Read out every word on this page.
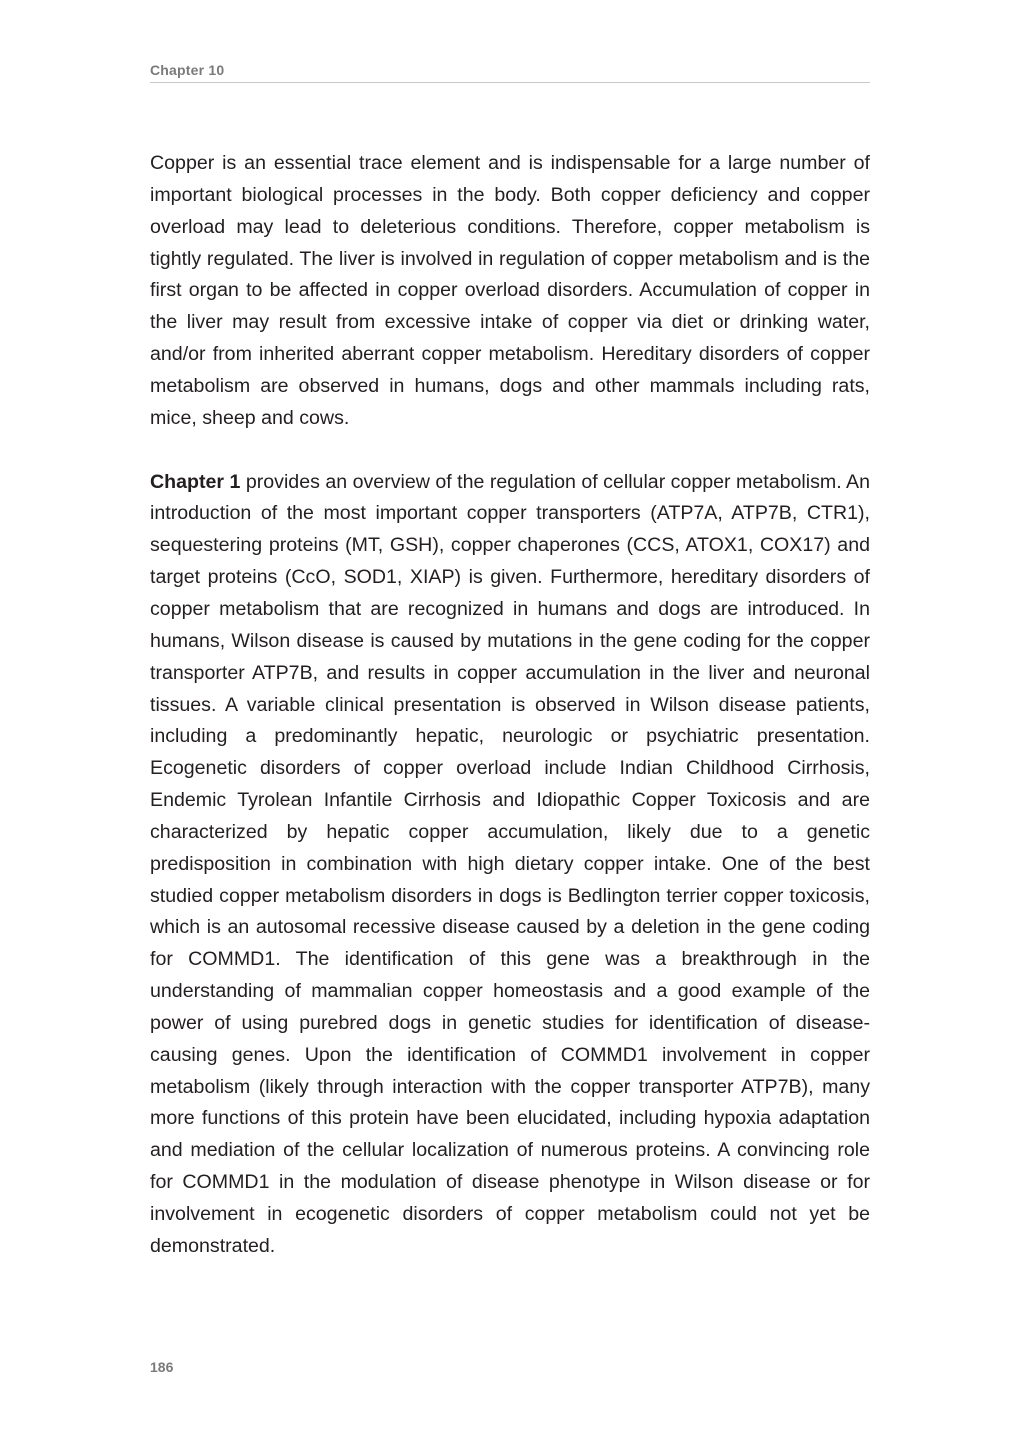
Chapter 10

Copper is an essential trace element and is indispensable for a large number of important biological processes in the body. Both copper deficiency and copper overload may lead to deleterious conditions. Therefore, copper metabolism is tightly regulated. The liver is involved in regulation of copper metabolism and is the first organ to be affected in copper overload disorders. Accumulation of copper in the liver may result from excessive intake of copper via diet or drinking water, and/or from inherited aberrant copper metabolism. Hereditary disorders of copper metabolism are observed in humans, dogs and other mammals including rats, mice, sheep and cows.

Chapter 1 provides an overview of the regulation of cellular copper metabolism. An introduction of the most important copper transporters (ATP7A, ATP7B, CTR1), sequestering proteins (MT, GSH), copper chaperones (CCS, ATOX1, COX17) and target proteins (CcO, SOD1, XIAP) is given. Furthermore, hereditary disorders of copper metabolism that are recognized in humans and dogs are introduced. In humans, Wilson disease is caused by mutations in the gene coding for the copper transporter ATP7B, and results in copper accumulation in the liver and neuronal tissues. A variable clinical presentation is observed in Wilson disease patients, including a predominantly hepatic, neurologic or psychiatric presentation. Ecogenetic disorders of copper overload include Indian Childhood Cirrhosis, Endemic Tyrolean Infantile Cirrhosis and Idiopathic Copper Toxicosis and are characterized by hepatic copper accumulation, likely due to a genetic predisposition in combination with high dietary copper intake. One of the best studied copper metabolism disorders in dogs is Bedlington terrier copper toxicosis, which is an autosomal recessive disease caused by a deletion in the gene coding for COMMD1. The identification of this gene was a breakthrough in the understanding of mammalian copper homeostasis and a good example of the power of using purebred dogs in genetic studies for identification of disease-causing genes. Upon the identification of COMMD1 involvement in copper metabolism (likely through interaction with the copper transporter ATP7B), many more functions of this protein have been elucidated, including hypoxia adaptation and mediation of the cellular localization of numerous proteins. A convincing role for COMMD1 in the modulation of disease phenotype in Wilson disease or for involvement in ecogenetic disorders of copper metabolism could not yet be demonstrated.

186
